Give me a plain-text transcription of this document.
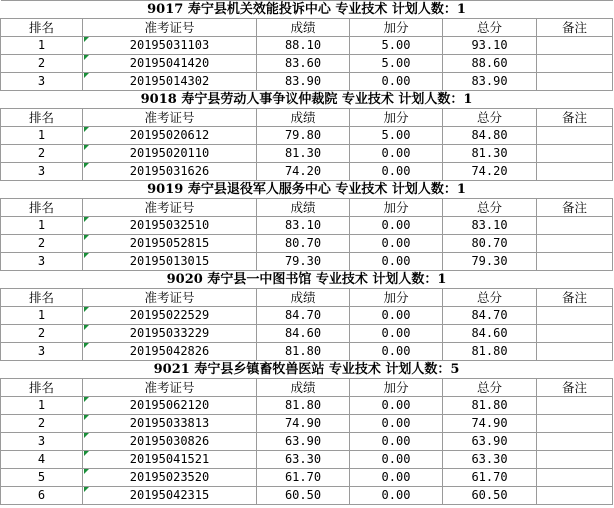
9017 寿宁县机关效能投诉中心 专业技术 计划人数：1					
排名	准考证号	成绩	加分	总分	备注
1	20195031103	88.10	5.00	93.10	
2	20195041420	83.60	5.00	88.60	
3	20195014302	83.90	0.00	83.90	
9018 寿宁县劳动人事争议仲裁院 专业技术 计划人数：1					
排名	准考证号	成绩	加分	总分	备注
1	20195020612	79.80	5.00	84.80	
2	20195020110	81.30	0.00	81.30	
3	20195031626	74.20	0.00	74.20	
9019 寿宁县退役军人服务中心 专业技术 计划人数：1					
排名	准考证号	成绩	加分	总分	备注
1	20195032510	83.10	0.00	83.10	
2	20195052815	80.70	0.00	80.70	
3	20195013015	79.30	0.00	79.30	
9020 寿宁县一中图书馆 专业技术 计划人数：1					
排名	准考证号	成绩	加分	总分	备注
1	20195022529	84.70	0.00	84.70	
2	20195033229	84.60	0.00	84.60	
3	20195042826	81.80	0.00	81.80	
9021 寿宁县乡镇畜牧兽医站 专业技术 计划人数：5					
排名	准考证号	成绩	加分	总分	备注
1	20195062120	81.80	0.00	81.80	
2	20195033813	74.90	0.00	74.90	
3	20195030826	63.90	0.00	63.90	
4	20195041521	63.30	0.00	63.30	
5	20195023520	61.70	0.00	61.70	
6	20195042315	60.50	0.00	60.50	
